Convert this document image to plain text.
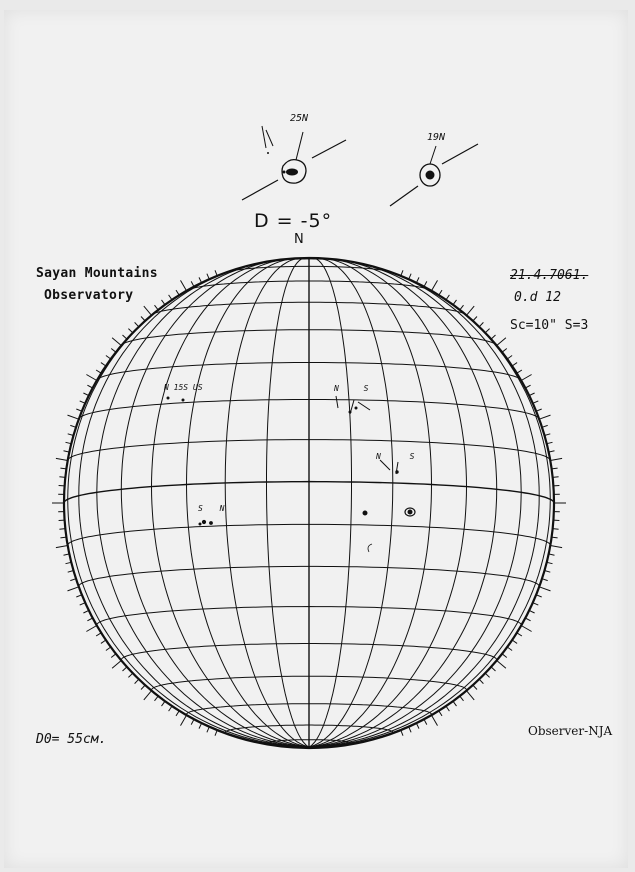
Sayan Mountains
Observatory
21.4.7061.
0.d 12
Sc=10" S=3
D = -5°
N
25N
19N
N 15S US	N S
N S
S N
D0= 55cм.
Observer-NJA
